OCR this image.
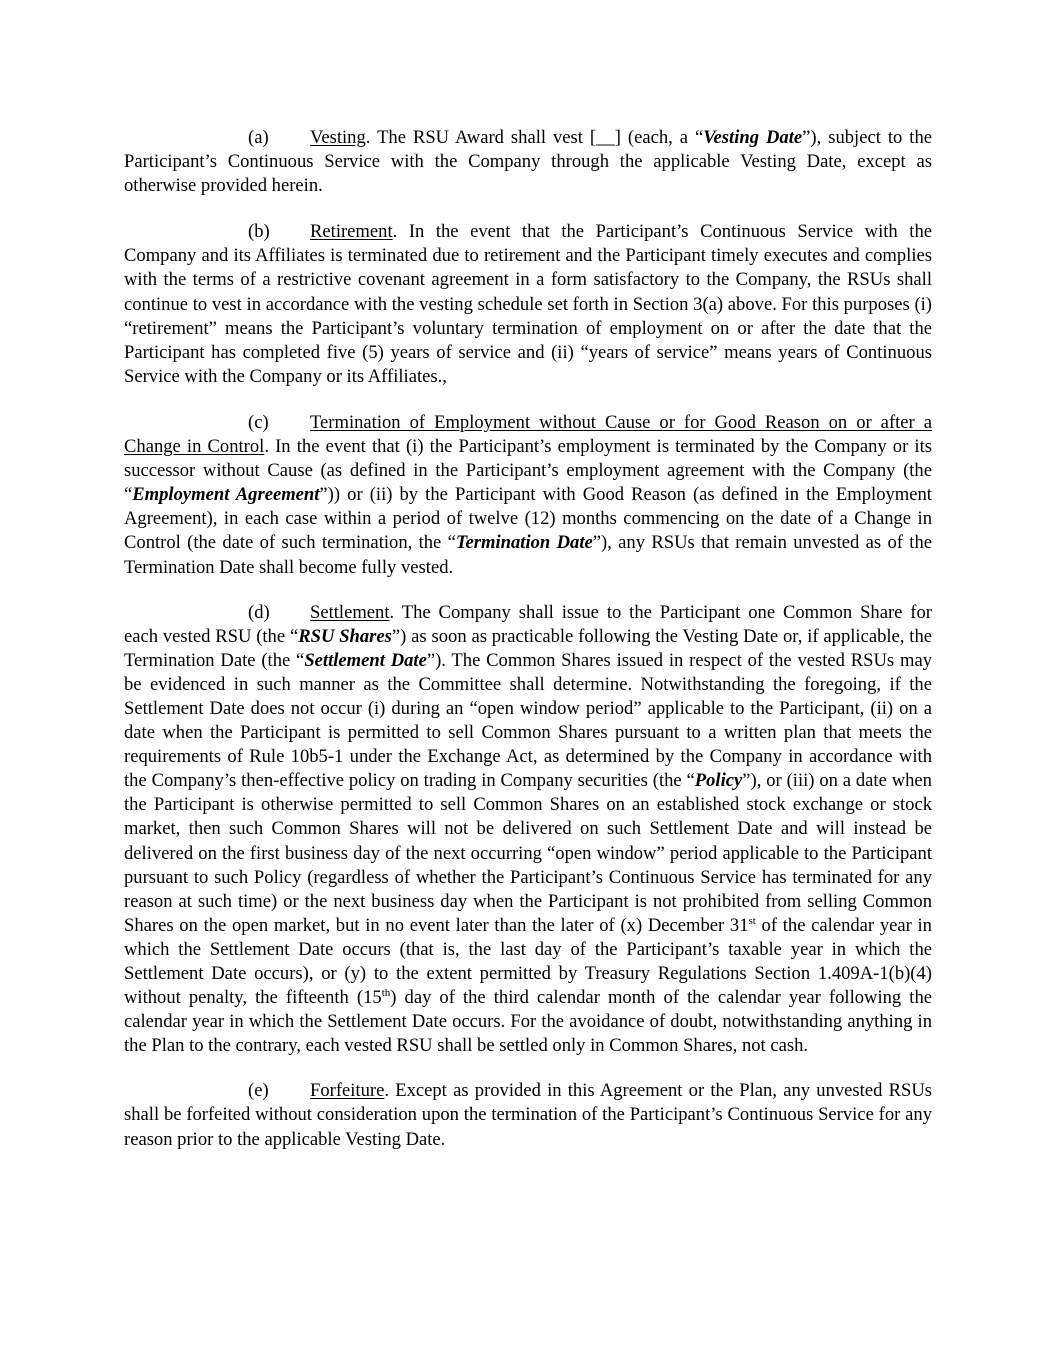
(a) Vesting. The RSU Award shall vest [__] (each, a “Vesting Date”), subject to the Participant’s Continuous Service with the Company through the applicable Vesting Date, except as otherwise provided herein.

(b) Retirement. In the event that the Participant’s Continuous Service with the Company and its Affiliates is terminated due to retirement and the Participant timely executes and complies with the terms of a restrictive covenant agreement in a form satisfactory to the Company, the RSUs shall continue to vest in accordance with the vesting schedule set forth in Section 3(a) above. For this purposes (i) “retirement” means the Participant’s voluntary termination of employment on or after the date that the Participant has completed five (5) years of service and (ii) “years of service” means years of Continuous Service with the Company or its Affiliates.,

(c) Termination of Employment without Cause or for Good Reason on or after a Change in Control. In the event that (i) the Participant’s employment is terminated by the Company or its successor without Cause (as defined in the Participant’s employment agreement with the Company (the “Employment Agreement”)) or (ii) by the Participant with Good Reason (as defined in the Employment Agreement), in each case within a period of twelve (12) months commencing on the date of a Change in Control (the date of such termination, the “Termination Date”), any RSUs that remain unvested as of the Termination Date shall become fully vested.

(d) Settlement. The Company shall issue to the Participant one Common Share for each vested RSU (the “RSU Shares”) as soon as practicable following the Vesting Date or, if applicable, the Termination Date (the “Settlement Date”). The Common Shares issued in respect of the vested RSUs may be evidenced in such manner as the Committee shall determine. Notwithstanding the foregoing, if the Settlement Date does not occur (i) during an “open window period” applicable to the Participant, (ii) on a date when the Participant is permitted to sell Common Shares pursuant to a written plan that meets the requirements of Rule 10b5-1 under the Exchange Act, as determined by the Company in accordance with the Company’s then-effective policy on trading in Company securities (the “Policy”), or (iii) on a date when the Participant is otherwise permitted to sell Common Shares on an established stock exchange or stock market, then such Common Shares will not be delivered on such Settlement Date and will instead be delivered on the first business day of the next occurring “open window” period applicable to the Participant pursuant to such Policy (regardless of whether the Participant’s Continuous Service has terminated for any reason at such time) or the next business day when the Participant is not prohibited from selling Common Shares on the open market, but in no event later than the later of (x) December 31st of the calendar year in which the Settlement Date occurs (that is, the last day of the Participant’s taxable year in which the Settlement Date occurs), or (y) to the extent permitted by Treasury Regulations Section 1.409A-1(b)(4) without penalty, the fifteenth (15th) day of the third calendar month of the calendar year following the calendar year in which the Settlement Date occurs. For the avoidance of doubt, notwithstanding anything in the Plan to the contrary, each vested RSU shall be settled only in Common Shares, not cash.

(e) Forfeiture. Except as provided in this Agreement or the Plan, any unvested RSUs shall be forfeited without consideration upon the termination of the Participant’s Continuous Service for any reason prior to the applicable Vesting Date.
